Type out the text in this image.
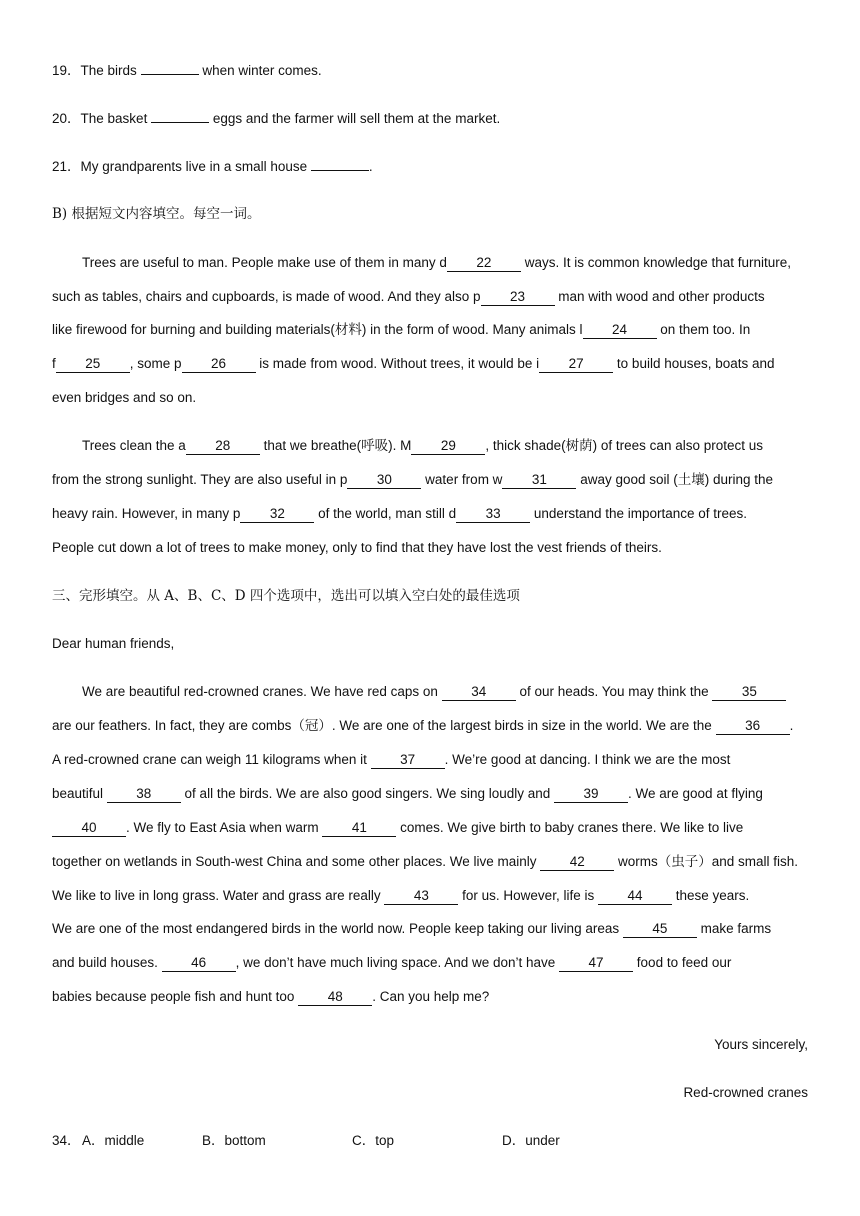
19．The birds	when winter comes.
20．The basket	eggs and the farmer will sell them at the market.
21．My grandparents live in a small house	.
B) 根据短文内容填空。每空一词。
Trees are useful to man. People make use of them in many d 22 ways. It is common knowledge that furniture,
such as tables, chairs and cupboards, is made of wood. And they also p 23 man with wood and other products
like firewood for burning and building materials(材料) in the form of wood. Many animals l 24 on them too. In
f 25 , some p 26 is made from wood. Without trees, it would be i 27 to build houses, boats and
even bridges and so on.
Trees clean the a 28 that we breathe(呼吸). M 29 , thick shade(树荫) of trees can also protect us
from the strong sunlight. They are also useful in p 30 water from w 31 away good soil (土壤) during the
heavy rain. However, in many p 32 of the world, man still d 33 understand the importance of trees.
People cut down a lot of trees to make money, only to find that they have lost the vest friends of theirs.
三、完形填空。从 A、B、C、D 四个选项中，选出可以填入空白处的最佳选项
Dear human friends,
We are beautiful red-crowned cranes. We have red caps on 34 of our heads. You may think the 35
are our feathers. In fact, they are combs（冠）. We are one of the largest birds in size in the world. We are the 36 .
A red-crowned crane can weigh 11 kilograms when it 37 . We’re good at dancing. I think we are the most
beautiful 38 of all the birds. We are also good singers. We sing loudly and 39 . We are good at flying
40 . We fly to East Asia when warm 41 comes. We give birth to baby cranes there. We like to live
together on wetlands in South-west China and some other places. We live mainly 42 worms（虫子）and small fish.
We like to live in long grass. Water and grass are really 43 for us. However, life is 44 these years.
We are one of the most endangered birds in the world now. People keep taking our living areas 45 make farms
and build houses. 46 , we don’t have much living space. And we don’t have 47 food to feed our
babies because people fish and hunt too 48 . Can you help me?
Yours sincerely,
Red-crowned cranes
34． A．middle	B．bottom	C．top	D．under
